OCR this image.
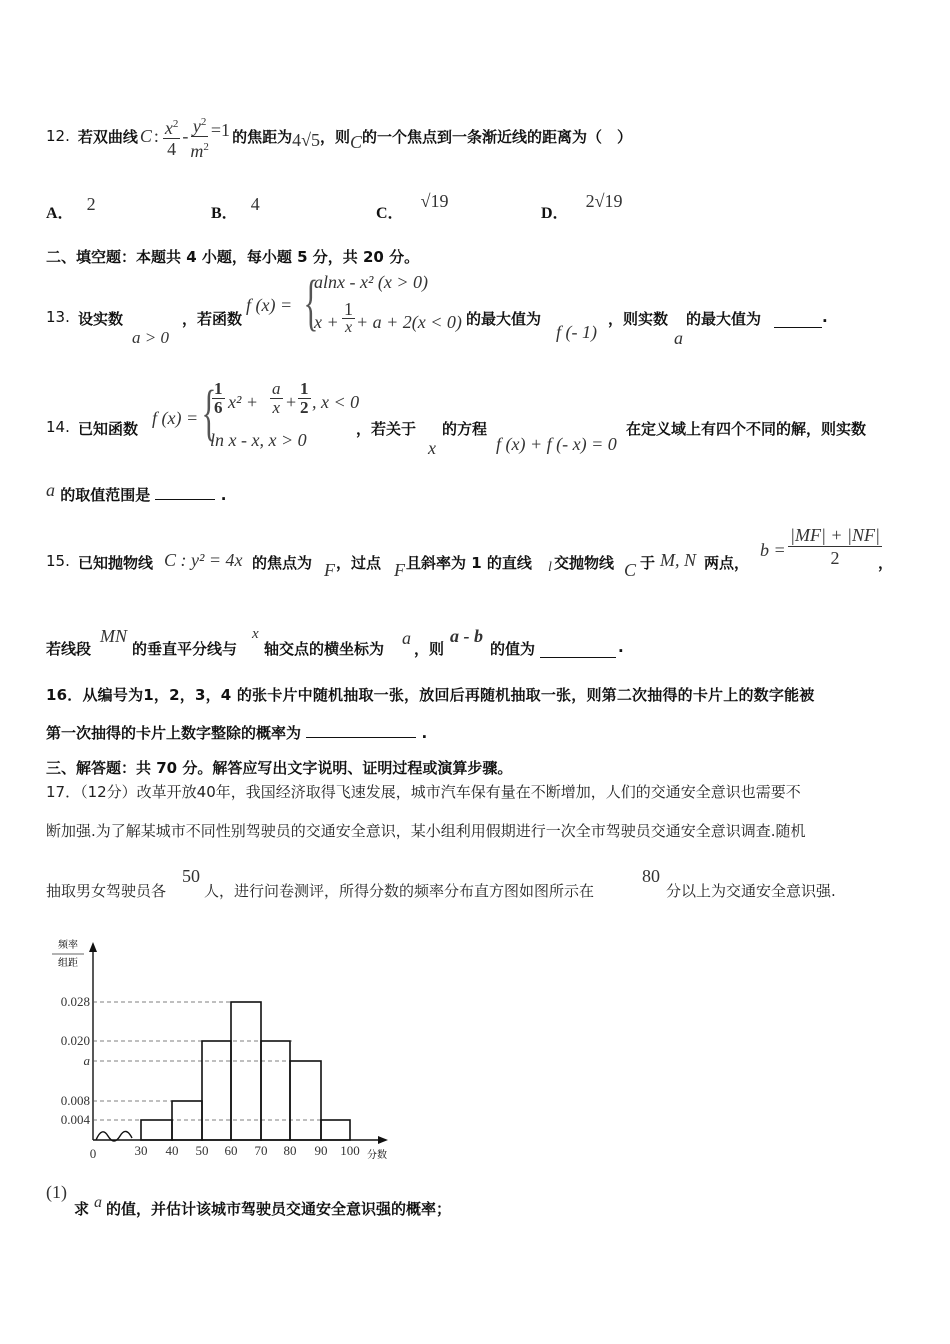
12. 若双曲线 C : $\frac{x^2}{4} - \frac{y^2}{m^2} =1$ 的焦距为 4√5 ，则 C 的一个焦点到一条渐近线的距离为（　）
A． 2	B． 4	C． √19
D． 2√19
二、填空题：本题共 4 小题，每小题 5 分，共 20 分。
13. 设实数
a > 0
，若函数
f (x) = {
alnx - x² (x > 0)
$x + \frac{1}{x} + a + 2(x < 0)$ 的最大值为
f (- 1)
，则实数
a
的最大值为	.
14. 已知函数
f (x) = {
$\frac{1}{6} x^2 + \frac{a}{x} + \frac{1}{2}$ , x < 0
ln x - x, x > 0
，若关于
x
的方程
f (x) + f (- x) = 0
在定义域上有四个不同的解，则实数
a 的取值范围是	.
15. 已知抛物线 C : y² = 4x 的焦点为 F ，过点 F 且斜率为 1 的直线 l 交抛物线 C 于 M, N 两点，
$b = \frac{|MF| + |NF|}{2}$
，
若线段
MN
的垂直平分线与
x
轴交点的横坐标为
a
，则
a - b
的值为	.
16．从编号为1，2，3，4 的张卡片中随机抽取一张，放回后再随机抽取一张，则第二次抽得的卡片上的数字能被
第一次抽得的卡片上数字整除的概率为	.
三、解答题：共 70 分。解答应写出文字说明、证明过程或演算步骤。
17．（12分）改革开放40年，我国经济取得飞速发展，城市汽车保有量在不断增加，人们的交通安全意识也需要不
断加强.为了解某城市不同性别驾驶员的交通安全意识，某小组利用假期进行一次全市驾驶员交通安全意识调查.随机
抽取男女驾驶员各
50
人，进行问卷测评，所得分数的频率分布直方图如图所示在
80
分以上为交通安全意识强.
频率
组距
0.028
0.020
a
0.008
0.004
0	30 40 50 60 70 80 90 100 分数
(1)
求 a 的值，并估计该城市驾驶员交通安全意识强的概率；
